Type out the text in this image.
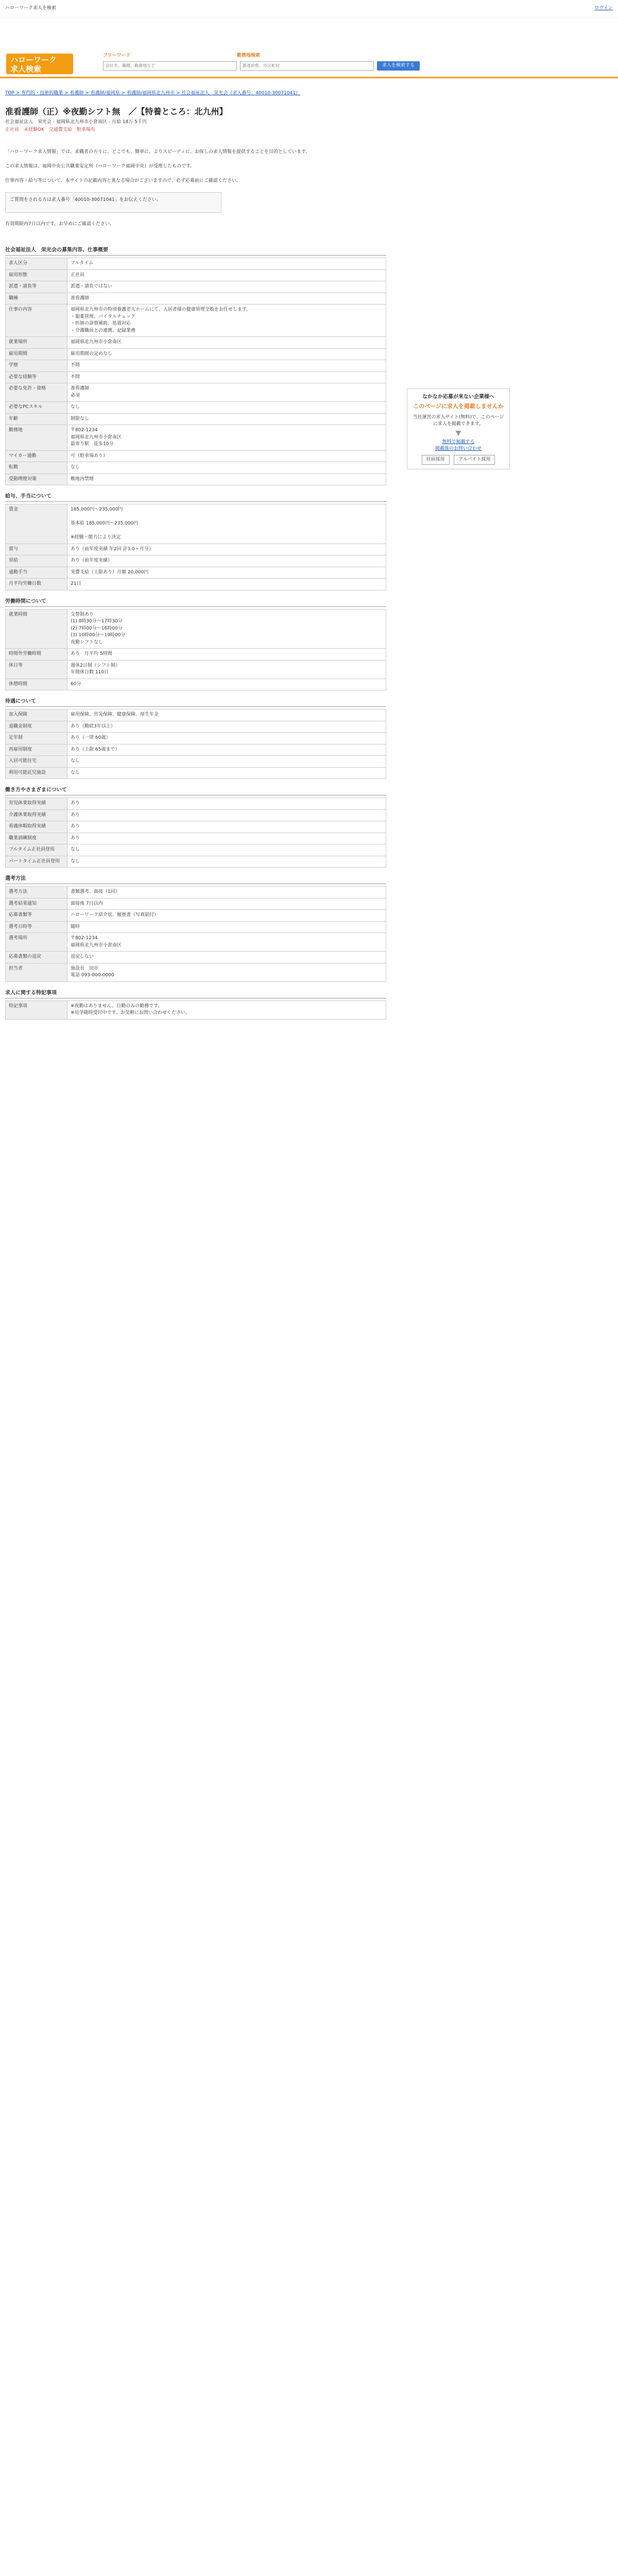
ハローワーク求人を検索	ログイン
ハローワーク
求人検索
フリーワード	勤務地検索
会社名、職種、勤務地など
都道府県、市区町村
求人を検索する
TOP > 専門的・技術的職業 > 看護師 > 看護師/福岡県 > 看護師/福岡県北九州市 > 社会福祉法人　栄光会（求人番号：40010-30071041）
准看護師（正）※夜勤シフト無　／【特養ところ：北九州】
社会福祉法人　栄光会 - 福岡県北九州市小倉南区 - 月給 18万 5千円
正社員　未経験OK　交通費支給　駐車場有

「ハローワーク求人情報」では、求職者の方々に、どこでも、簡単に、よりスピーディに、お探しの求人情報を提供することを目的としています。

この求人情報は、福岡中央公共職業安定所（ハローワーク福岡中央）が受理したものです。

仕事内容・給与等について、本サイトの記載内容と異なる場合がございますので、必ず応募前にご確認ください。

ご質問をされる方は求人番号「40010-30071041」をお伝えください。
有効期限内7日以内です。お早めにご確認ください。
社会福祉法人　栄光会の募集内容、仕事概要
求人区分	フルタイム
雇用形態	正社員
派遣・請負等	派遣・請負ではない
職種	准看護師
仕事の内容	福岡県北九州市の特別養護老人ホームにて、入居者様の健康管理全般をお任せします。
・服薬管理、バイタルチェック
・医師の診察補助、処置対応
・介護職員との連携、記録業務
就業場所	福岡県北九州市小倉南区
雇用期間	雇用期間の定めなし
学歴	不問
必要な経験等	不問
必要な免許・資格	准看護師
必須
必要なPCスキル	なし
年齢	制限なし
勤務地	〒802-1234
福岡県北九州市小倉南区
最寄り駅　徒歩10分
マイカー通勤	可（駐車場あり）
転勤	なし
受動喫煙対策	敷地内禁煙
給与、手当について
賃金	185,000円〜235,000円

基本給 185,000円〜235,000円

※経験・能力により決定
賞与	あり（前年度実績 年2回 計3.0ヶ月分）
昇給	あり（前年度実績）
通勤手当	実費支給（上限あり）月額 20,000円
月平均労働日数	21日
労働時間について
就業時間	交替制あり
(1) 8時30分〜17時30分
(2) 7時00分〜16時00分
(3) 10時00分〜19時00分
夜勤シフトなし
時間外労働時間	あり　月平均 5時間
休日等	週休2日制（シフト制）
年間休日数 110日
休憩時間	60分
待遇について
加入保険	雇用保険、労災保険、健康保険、厚生年金
退職金制度	あり（勤続3年以上）
定年制	あり（一律 60歳）
再雇用制度	あり（上限 65歳まで）
入居可能住宅	なし
利用可能託児施設	なし
働き方やさまざまについて
育児休業取得実績	あり
介護休業取得実績	あり
看護休暇取得実績	あり
職業訓練制度	あり
フルタイム正社員登用	なし
パートタイム正社員登用	なし
選考方法
選考方法	書類選考、面接（1回）
選考結果通知	面接後 7日以内
応募書類等	ハローワーク紹介状、履歴書（写真貼付）
選考日時等	随時
選考場所	〒802-1234
福岡県北九州市小倉南区
応募書類の返戻	返戻しない
担当者	施設長　田中
電話 093-000-0000
求人に関する特記事項
特記事項	※夜勤はありません。日勤のみの勤務です。
※見学随時受付中です。お気軽にお問い合わせください。
なかなか応募が来ない企業様へ
このページに求人を掲載しませんか
当社運営の求人サイト(無料)で、このページに求人を掲載できます。
▼
無料で掲載する
掲載後のお問い合わせ
社員採用	アルバイト採用
